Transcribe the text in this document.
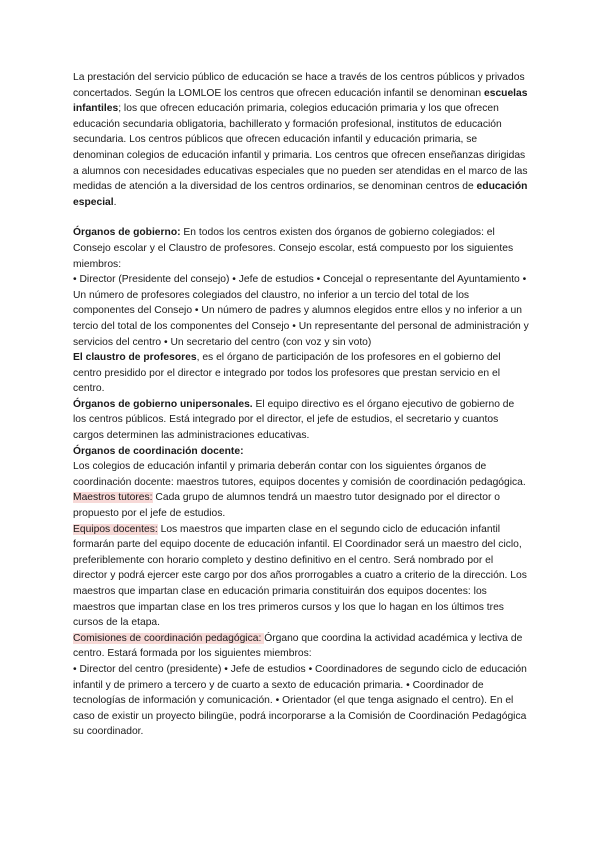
La prestación del servicio público de educación se hace a través de los centros públicos y privados concertados. Según la LOMLOE los centros que ofrecen educación infantil se denominan escuelas infantiles; los que ofrecen educación primaria, colegios educación primaria y los que ofrecen educación secundaria obligatoria, bachillerato y formación profesional, institutos de educación secundaria. Los centros públicos que ofrecen educación infantil y educación primaria, se denominan colegios de educación infantil y primaria. Los centros que ofrecen enseñanzas dirigidas a alumnos con necesidades educativas especiales que no pueden ser atendidas en el marco de las medidas de atención a la diversidad de los centros ordinarios, se denominan centros de educación especial.

Órganos de gobierno: En todos los centros existen dos órganos de gobierno colegiados: el Consejo escolar y el Claustro de profesores. Consejo escolar, está compuesto por los siguientes miembros:

• Director (Presidente del consejo) • Jefe de estudios • Concejal o representante del Ayuntamiento • Un número de profesores colegiados del claustro, no inferior a un tercio del total de los componentes del Consejo • Un número de padres y alumnos elegidos entre ellos y no inferior a un tercio del total de los componentes del Consejo • Un representante del personal de administración y servicios del centro • Un secretario del centro (con voz y sin voto)

El claustro de profesores, es el órgano de participación de los profesores en el gobierno del centro presidido por el director e integrado por todos los profesores que prestan servicio en el centro.

Órganos de gobierno unipersonales. El equipo directivo es el órgano ejecutivo de gobierno de los centros públicos. Está integrado por el director, el jefe de estudios, el secretario y cuantos cargos determinen las administraciones educativas.

Órganos de coordinación docente:

Los colegios de educación infantil y primaria deberán contar con los siguientes órganos de coordinación docente: maestros tutores, equipos docentes y comisión de coordinación pedagógica.

Maestros tutores: Cada grupo de alumnos tendrá un maestro tutor designado por el director o propuesto por el jefe de estudios.

Equipos docentes: Los maestros que imparten clase en el segundo ciclo de educación infantil formarán parte del equipo docente de educación infantil. El Coordinador será un maestro del ciclo, preferiblemente con horario completo y destino definitivo en el centro. Será nombrado por el director y podrá ejercer este cargo por dos años prorrogables a cuatro a criterio de la dirección. Los maestros que impartan clase en educación primaria constituirán dos equipos docentes: los maestros que impartan clase en los tres primeros cursos y los que lo hagan en los últimos tres cursos de la etapa.

Comisiones de coordinación pedagógica: Órgano que coordina la actividad académica y lectiva de centro. Estará formada por los siguientes miembros:

• Director del centro (presidente) • Jefe de estudios • Coordinadores de segundo ciclo de educación infantil y de primero a tercero y de cuarto a sexto de educación primaria. • Coordinador de tecnologías de información y comunicación. • Orientador (el que tenga asignado el centro). En el caso de existir un proyecto bilingüe, podrá incorporarse a la Comisión de Coordinación Pedagógica su coordinador.
